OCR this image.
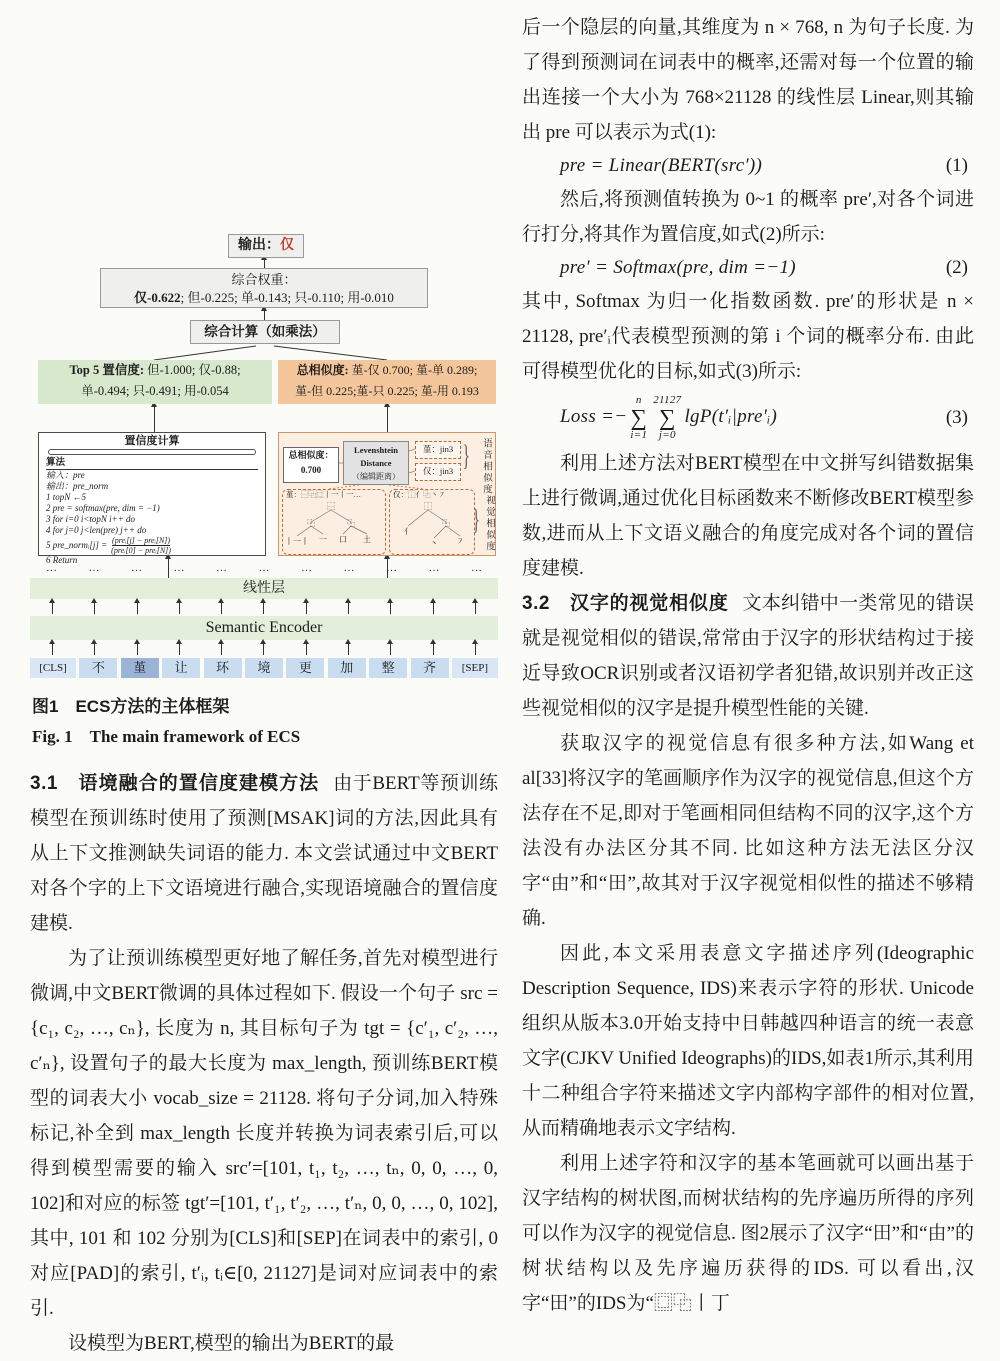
输出：仅
综合权重：
仅-0.622; 但-0.225; 单-0.143; 只-0.110; 用-0.010
综合计算（如乘法）
Top 5 置信度: 但-1.000; 仅-0.88;
单-0.494; 只-0.491; 用-0.054
总相似度: 堇-仅 0.700; 堇-单 0.289;
堇-但 0.225;堇-只 0.225; 堇-用 0.193
置信度计算
算法
输入：pre
输出：pre_norm
1 topN ←5
2 pre = softmax(pre, dim = −1)
3 for i=0 i<topN i++ do
4 for j=0 j<len(pre) j++ do
5 pre_normᵢ[j] = $\frac{\text{(preᵢ[j] − preᵢ[N])}}{\text{(preᵢ[0] − preᵢ[N])}}$
6 Return
总相似度：
0.700
Levenshtein
Distance
（编辑距离）
堇：jin3
仅：jin3 } 语音相似度
堇：⿱⿻⿴丨一丨一…
⿱
⿻	⿻
丨一丨 一 口 土
仅：⿰亻⿻丶㇇
⿰
亻
⿻
丶 ㇇
} 视觉相似度
…	…	…	…	…	…	…	…	…	…	…
线性层
Semantic Encoder
[CLS]	不	堇	让	环	境	更	加	整	齐	[SEP]
图1　ECS方法的主体框架
Fig. 1　The main framework of ECS

3.1　语境融合的置信度建模方法 由于BERT等预训练模型在预训练时使用了预测[MSAK]词的方法,因此具有从上下文推测缺失词语的能力. 本文尝试通过中文BERT对各个字的上下文语境进行融合,实现语境融合的置信度建模.

为了让预训练模型更好地了解任务,首先对模型进行微调,中文BERT微调的具体过程如下. 假设一个句子 src = {c₁, c₂, …, cₙ}, 长度为 n, 其目标句子为 tgt = {c′₁, c′₂, …, c′ₙ}, 设置句子的最大长度为 max_length, 预训练BERT模型的词表大小 vocab_size = 21128. 将句子分词,加入特殊标记,补全到 max_length 长度并转换为词表索引后,可以得到模型需要的输入 src′=[101, t₁, t₂, …, tₙ, 0, 0, …, 0, 102]和对应的标签 tgt′=[101, t′₁, t′₂, …, t′ₙ, 0, 0, …, 0, 102], 其中, 101 和 102 分别为[CLS]和[SEP]在词表中的索引, 0 对应[PAD]的索引, t′ᵢ, tᵢ∈[0, 21127]是词对应词表中的索引.

设模型为BERT,模型的输出为BERT的最

后一个隐层的向量,其维度为 n × 768, n 为句子长度. 为了得到预测词在词表中的概率,还需对每一个位置的输出连接一个大小为 768×21128 的线性层 Linear,则其输出 pre 可以表示为式(1):

pre = Linear(BERT(src′))	(1)

然后,将预测值转换为 0~1 的概率 pre′,对各个词进行打分,将其作为置信度,如式(2)所示:

pre′ = Softmax(pre, dim =−1)	(2)

其中, Softmax 为归一化指数函数. pre′的形状是 n × 21128, pre′ᵢ代表模型预测的第 i 个词的概率分布. 由此可得模型优化的目标,如式(3)所示:

Loss =−
n
∑
i=1
21127
∑
j=0
lgP(t′ᵢ|pre′ᵢ)	(3)

利用上述方法对BERT模型在中文拼写纠错数据集上进行微调,通过优化目标函数来不断修改BERT模型参数,进而从上下文语义融合的角度完成对各个词的置信度建模.

3.2　汉字的视觉相似度 文本纠错中一类常见的错误就是视觉相似的错误,常常由于汉字的形状结构过于接近导致OCR识别或者汉语初学者犯错,故识别并改正这些视觉相似的汉字是提升模型性能的关键.

获取汉字的视觉信息有很多种方法,如Wang et al[33]将汉字的笔画顺序作为汉字的视觉信息,但这个方法存在不足,即对于笔画相同但结构不同的汉字,这个方法没有办法区分其不同. 比如这种方法无法区分汉字“由”和“田”,故其对于汉字视觉相似性的描述不够精确.

因此,本文采用表意文字描述序列(Ideographic Description Sequence, IDS)来表示字符的形状. Unicode组织从版本3.0开始支持中日韩越四种语言的统一表意文字(CJKV Unified Ideographs)的IDS,如表1所示,其利用十二种组合字符来描述文字内部构字部件的相对位置,从而精确地表示文字结构.

利用上述字符和汉字的基本笔画就可以画出基于汉字结构的树状图,而树状结构的先序遍历所得的序列可以作为汉字的视觉信息. 图2展示了汉字“田”和“由”的树状结构以及先序遍历获得的IDS. 可以看出,汉字“田”的IDS为“⿴⿻丨丁
